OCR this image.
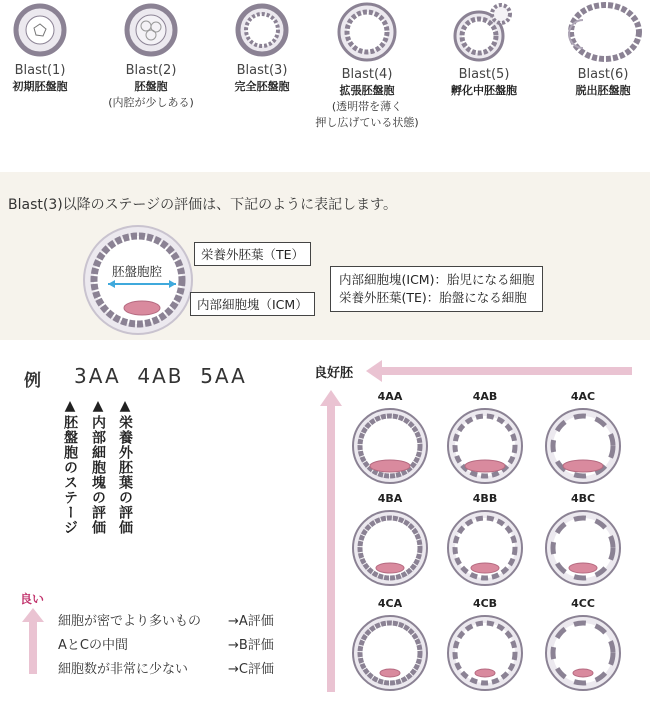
Blast(1)
初期胚盤胞
Blast(2)
胚盤胞
(内腔が少しある)
Blast(3)
完全胚盤胞
Blast(4)
拡張胚盤胞
(透明帯を薄く
押し広げている状態)
Blast(5)
孵化中胚盤胞
Blast(6)
脱出胚盤胞
Blast(3)以降のステージの評価は、下記のように表記します。
胚盤胞腔
栄養外胚葉（TE）
内部細胞塊（ICM）
内部細胞塊(ICM)：胎児になる細胞
栄養外胚葉(TE)：胎盤になる細胞
例 3AA  4AB  5AA
▲胚盤胞のステージ ▲内部細胞塊の評価 ▲栄養外胚葉の評価
良い
細胞が密でより多いもの →A評価
AとCの中間	→B評価
細胞数が非常に少ない	→C評価
良好胚
4AA	4AB	4AC
4BA	4BB	4BC
4CA	4CB	4CC
